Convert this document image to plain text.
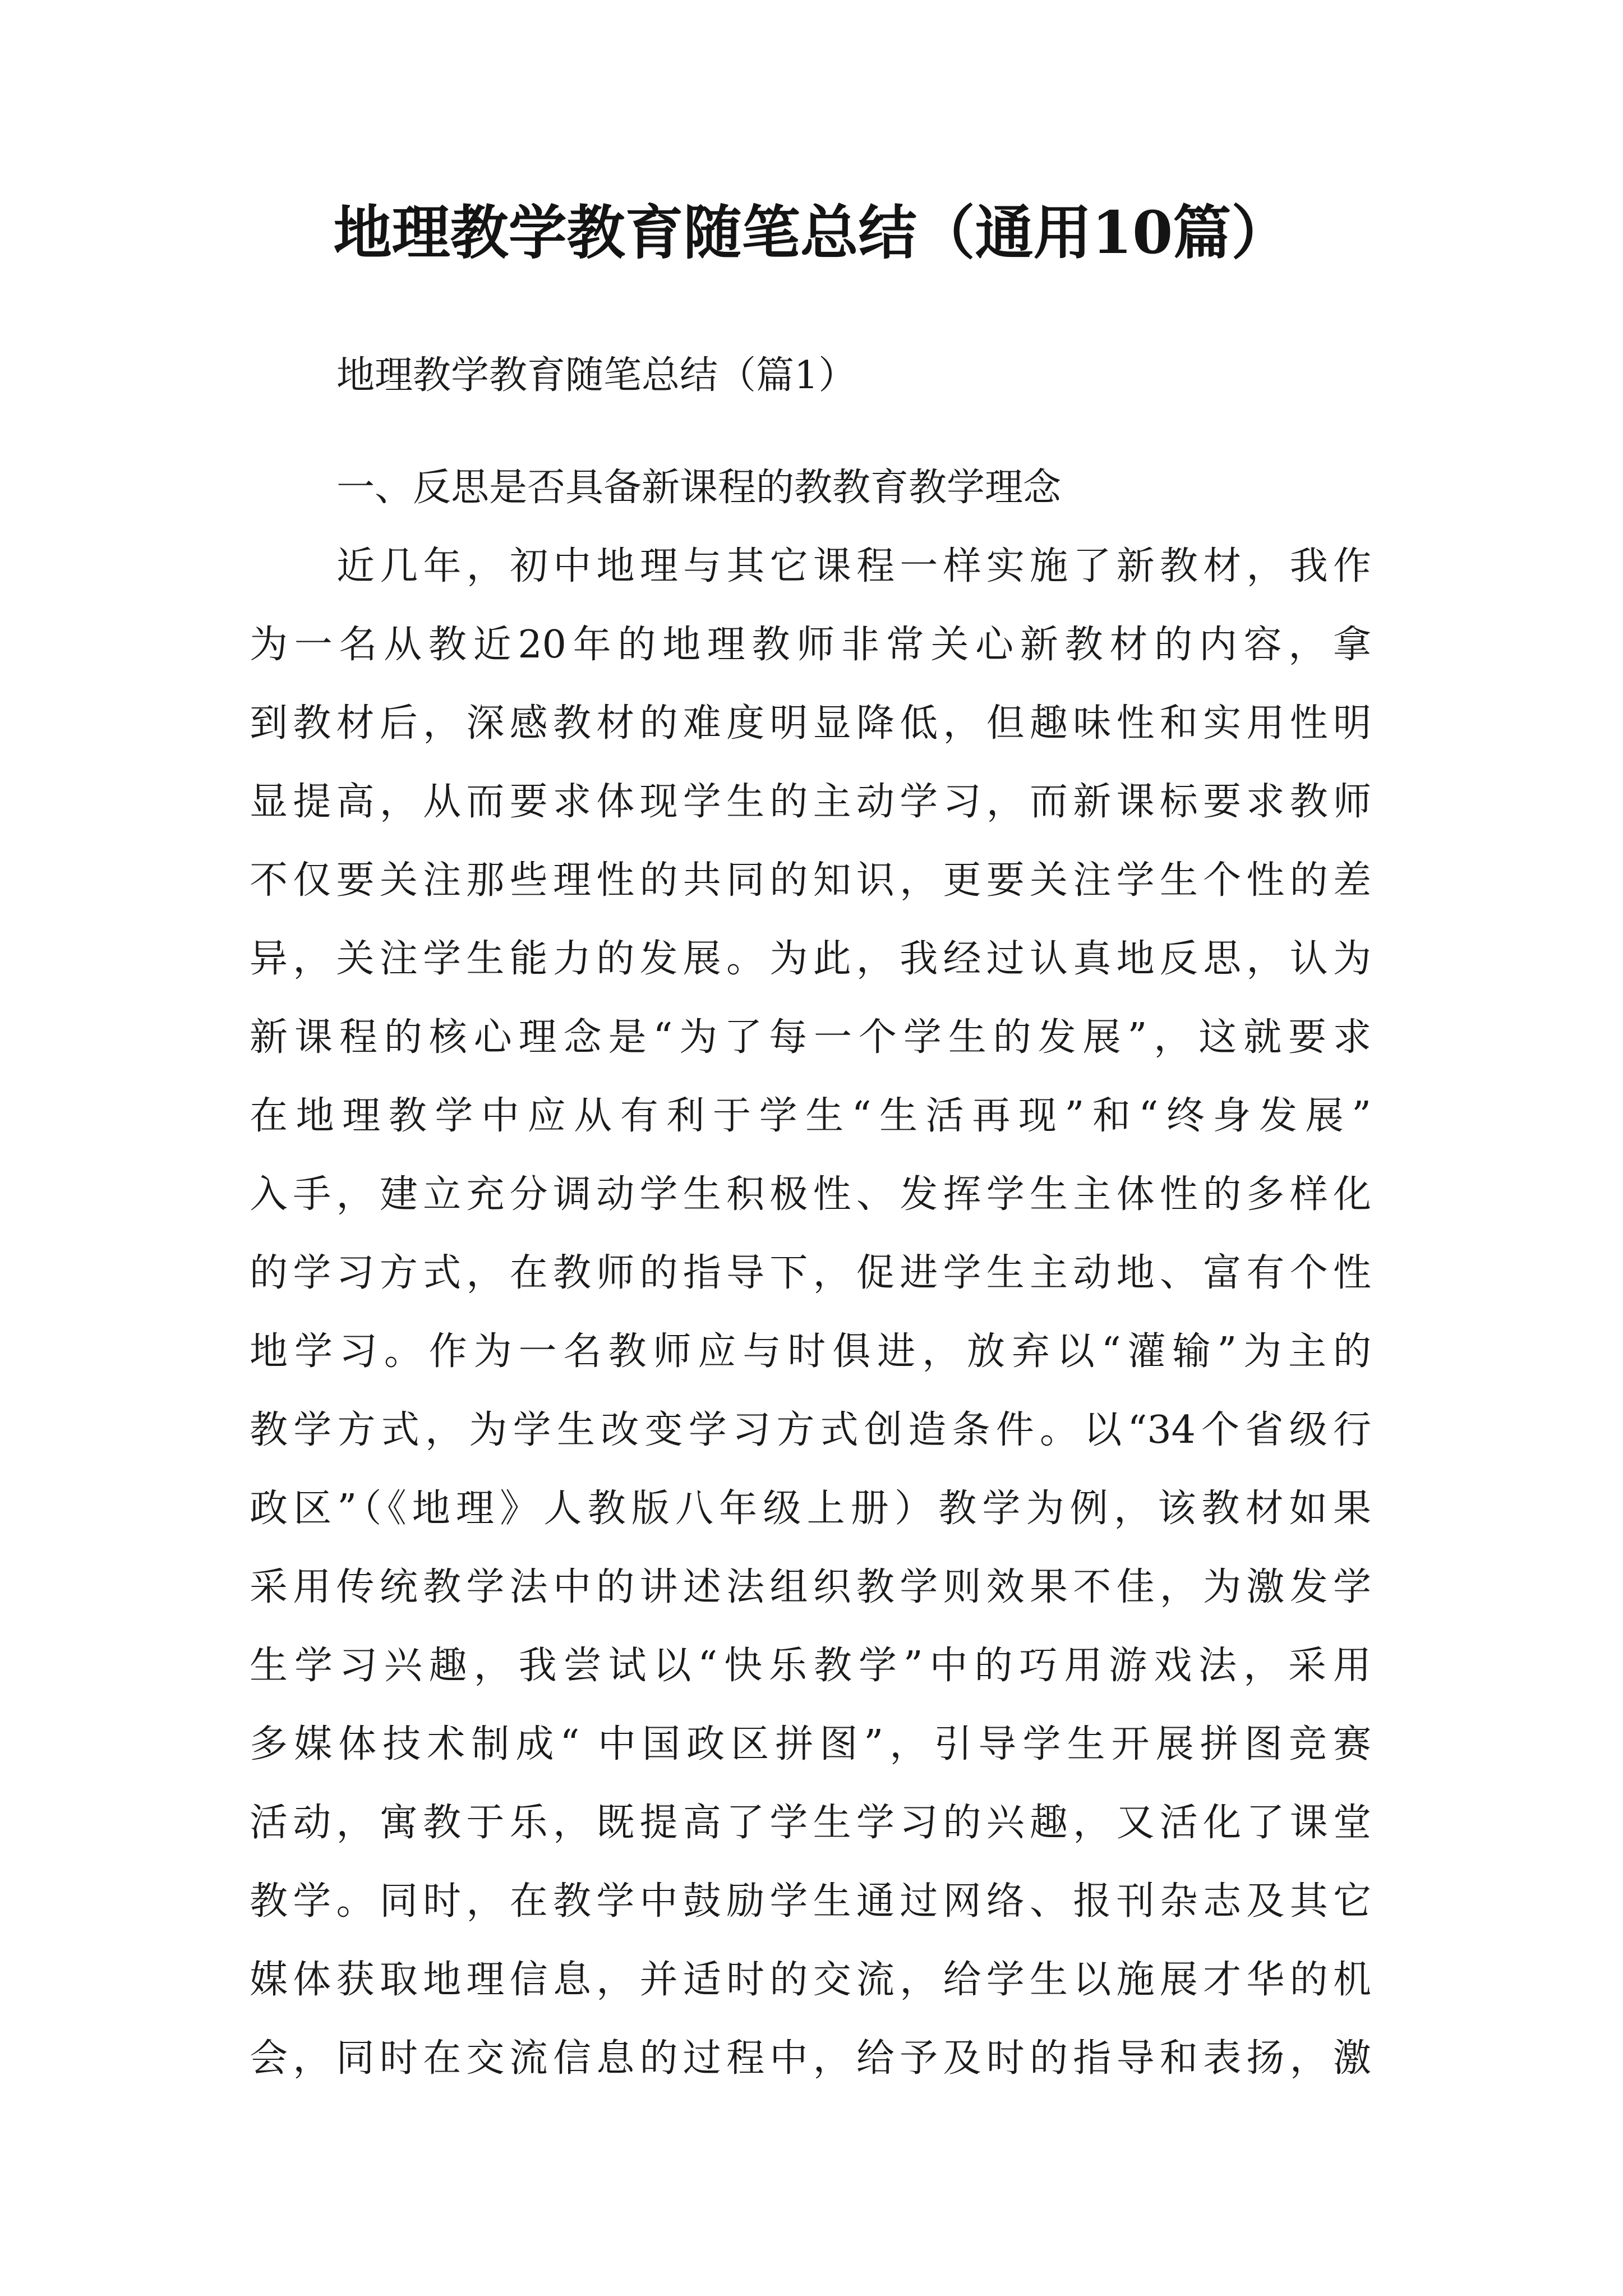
地理教学教育随笔总结（通用10篇）
地理教学教育随笔总结（篇1）
一、反思是否具备新课程的教教育教学理念
近几年，初中地理与其它课程一样实施了新教材，我作
为一名从教近20年的地理教师非常关心新教材的内容，拿
到教材后，深感教材的难度明显降低，但趣味性和实用性明
显提高，从而要求体现学生的主动学习，而新课标要求教师
不仅要关注那些理性的共同的知识，更要关注学生个性的差
异，关注学生能力的发展。为此，我经过认真地反思，认为
新课程的核心理念是“为了每一个学生的发展”，这就要求
在地理教学中应从有利于学生“生活再现”和“终身发展”
入手，建立充分调动学生积极性、发挥学生主体性的多样化
的学习方式，在教师的指导下，促进学生主动地、富有个性
地学习。作为一名教师应与时俱进，放弃以“灌输”为主的
教学方式，为学生改变学习方式创造条件。以“34个省级行
政区”（《地理》人教版八年级上册）教学为例，该教材如果
采用传统教学法中的讲述法组织教学则效果不佳，为激发学
生学习兴趣，我尝试以“快乐教学”中的巧用游戏法，采用
多媒体技术制成“ 中国政区拼图”，引导学生开展拼图竞赛
活动，寓教于乐，既提高了学生学习的兴趣，又活化了课堂
教学。同时，在教学中鼓励学生通过网络、报刊杂志及其它
媒体获取地理信息，并适时的交流，给学生以施展才华的机
会，同时在交流信息的过程中，给予及时的指导和表扬，激
